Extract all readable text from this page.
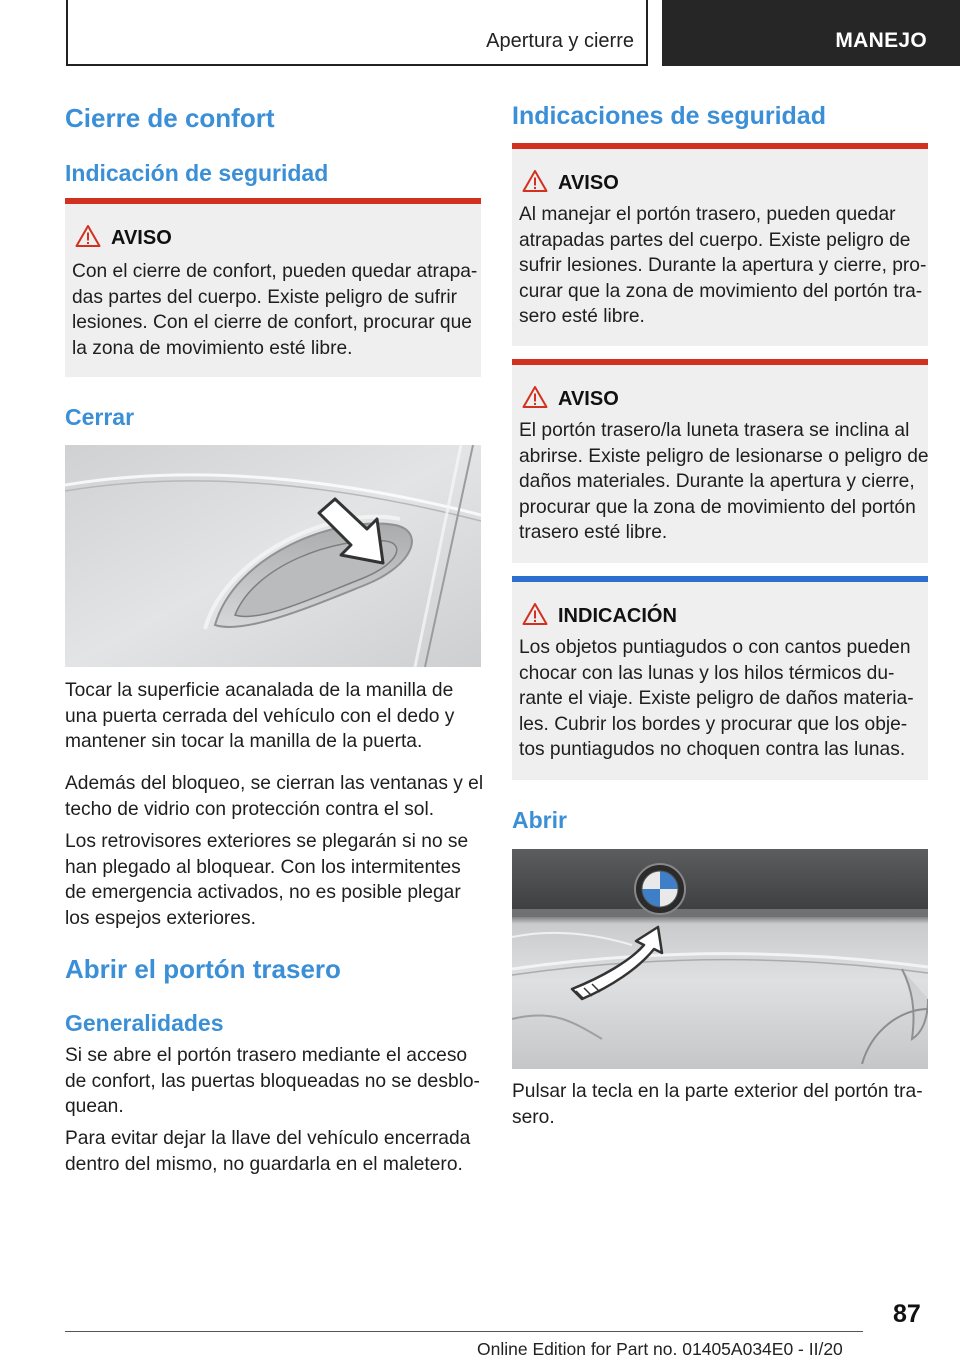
Apertura y cierre	MANEJO
Cierre de confort
Indicación de seguridad
AVISO
Con el cierre de confort, pueden quedar atrapa-
das partes del cuerpo. Existe peligro de sufrir
lesiones. Con el cierre de confort, procurar que
la zona de movimiento esté libre.
Cerrar
Tocar la superficie acanalada de la manilla de
una puerta cerrada del vehículo con el dedo y
mantener sin tocar la manilla de la puerta.
Además del bloqueo, se cierran las ventanas y el
techo de vidrio con protección contra el sol.
Los retrovisores exteriores se plegarán si no se
han plegado al bloquear. Con los intermitentes
de emergencia activados, no es posible plegar
los espejos exteriores.
Abrir el portón trasero
Generalidades
Si se abre el portón trasero mediante el acceso
de confort, las puertas bloqueadas no se desblo-
quean.
Para evitar dejar la llave del vehículo encerrada
dentro del mismo, no guardarla en el maletero.
Indicaciones de seguridad
AVISO
Al manejar el portón trasero, pueden quedar
atrapadas partes del cuerpo. Existe peligro de
sufrir lesiones. Durante la apertura y cierre, pro-
curar que la zona de movimiento del portón tra-
sero esté libre.
AVISO
El portón trasero/la luneta trasera se inclina al
abrirse. Existe peligro de lesionarse o peligro de
daños materiales. Durante la apertura y cierre,
procurar que la zona de movimiento del portón
trasero esté libre.
INDICACIÓN
Los objetos puntiagudos o con cantos pueden
chocar con las lunas y los hilos térmicos du-
rante el viaje. Existe peligro de daños materia-
les. Cubrir los bordes y procurar que los obje-
tos puntiagudos no choquen contra las lunas.
Abrir
Pulsar la tecla en la parte exterior del portón tra-
sero.
87
Online Edition for Part no. 01405A034E0 - II/20
